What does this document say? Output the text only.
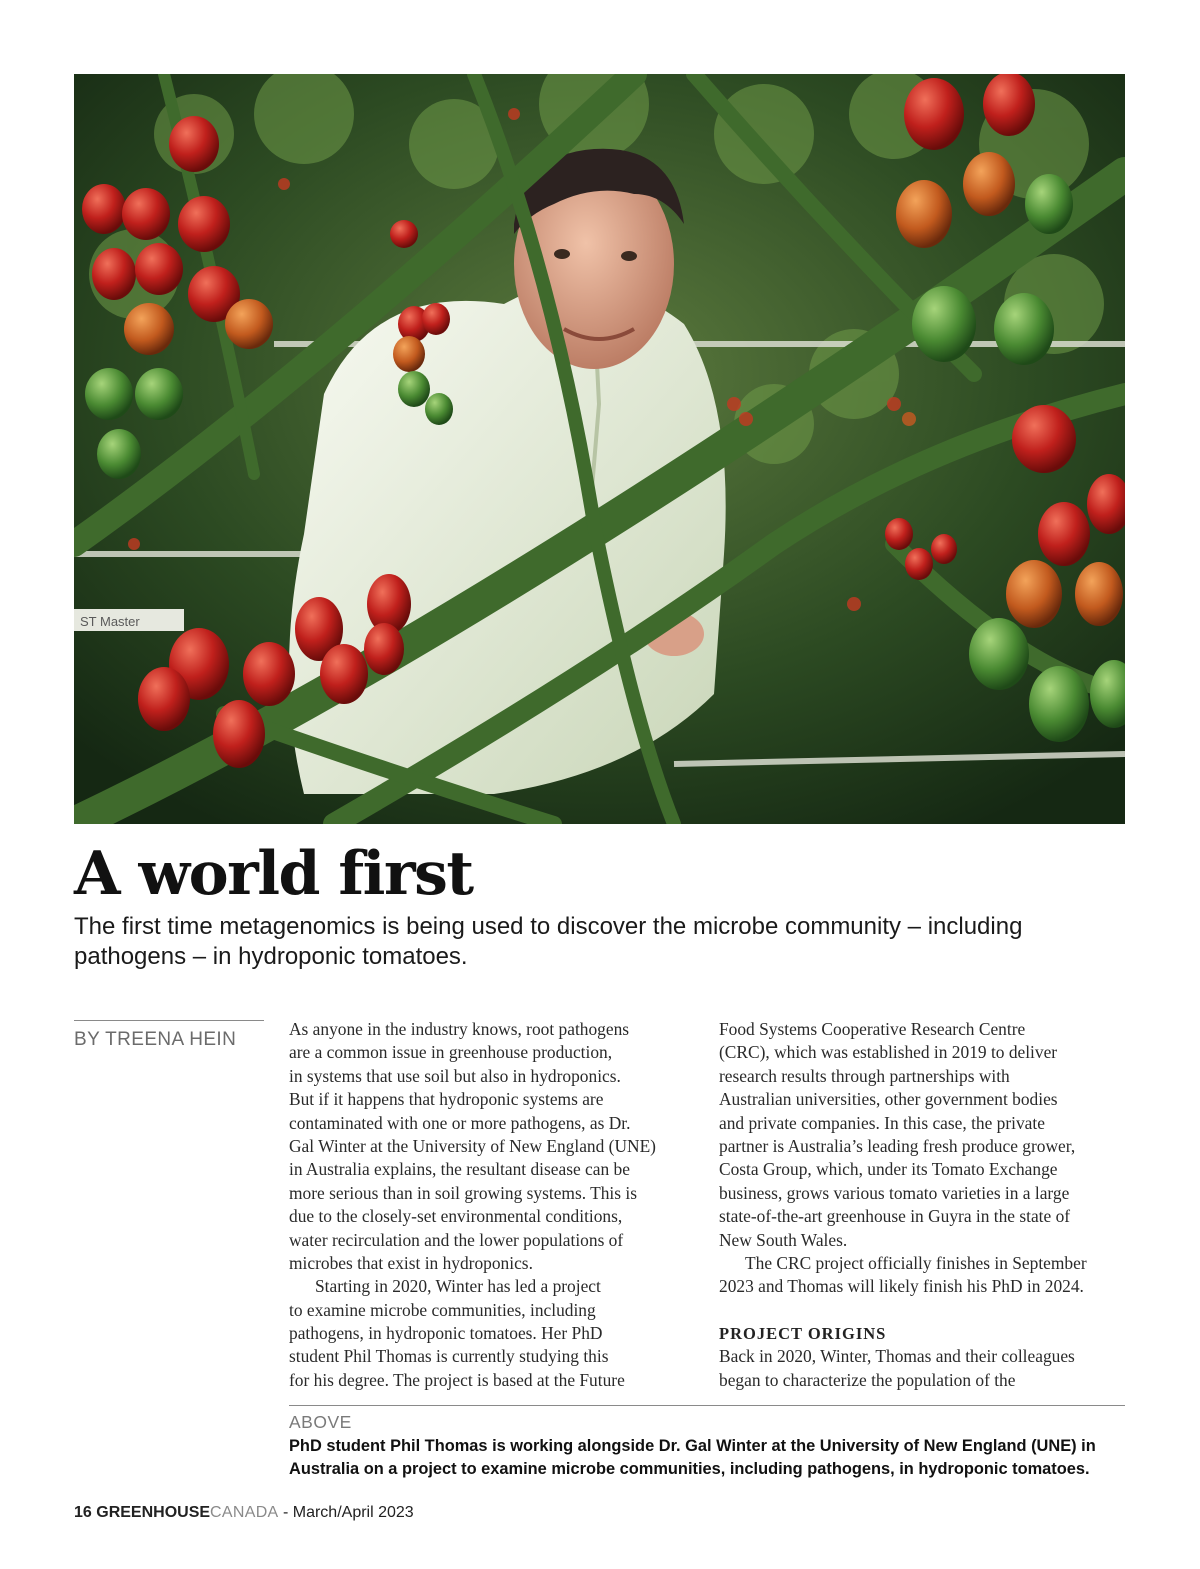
ST Master
A world first
The first time metagenomics is being used to discover the microbe community – including
pathogens – in hydroponic tomatoes.
BY TREENA HEIN	As anyone in the industry knows, root pathogens
are a common issue in greenhouse production,
in systems that use soil but also in hydroponics.
But if it happens that hydroponic systems are
contaminated with one or more pathogens, as Dr.
Gal Winter at the University of New England (UNE)
in Australia explains, the resultant disease can be
more serious than in soil growing systems. This is
due to the closely-set environmental conditions,
water recirculation and the lower populations of
microbes that exist in hydroponics.
Starting in 2020, Winter has led a project
to examine microbe communities, including
pathogens, in hydroponic tomatoes. Her PhD
student Phil Thomas is currently studying this
for his degree. The project is based at the Future
Food Systems Cooperative Research Centre
(CRC), which was established in 2019 to deliver
research results through partnerships with
Australian universities, other government bodies
and private companies. In this case, the private
partner is Australia’s leading fresh produce grower,
Costa Group, which, under its Tomato Exchange
business, grows various tomato varieties in a large
state-of-the-art greenhouse in Guyra in the state of
New South Wales.
The CRC project officially finishes in September
2023 and Thomas will likely finish his PhD in 2024.
PROJECT ORIGINS
Back in 2020, Winter, Thomas and their colleagues
began to characterize the population of the
ABOVE
PhD student Phil Thomas is working alongside Dr. Gal Winter at the University of New England (UNE) in
Australia on a project to examine microbe communities, including pathogens, in hydroponic tomatoes.
16 GREENHOUSECANADA - March/April 2023
